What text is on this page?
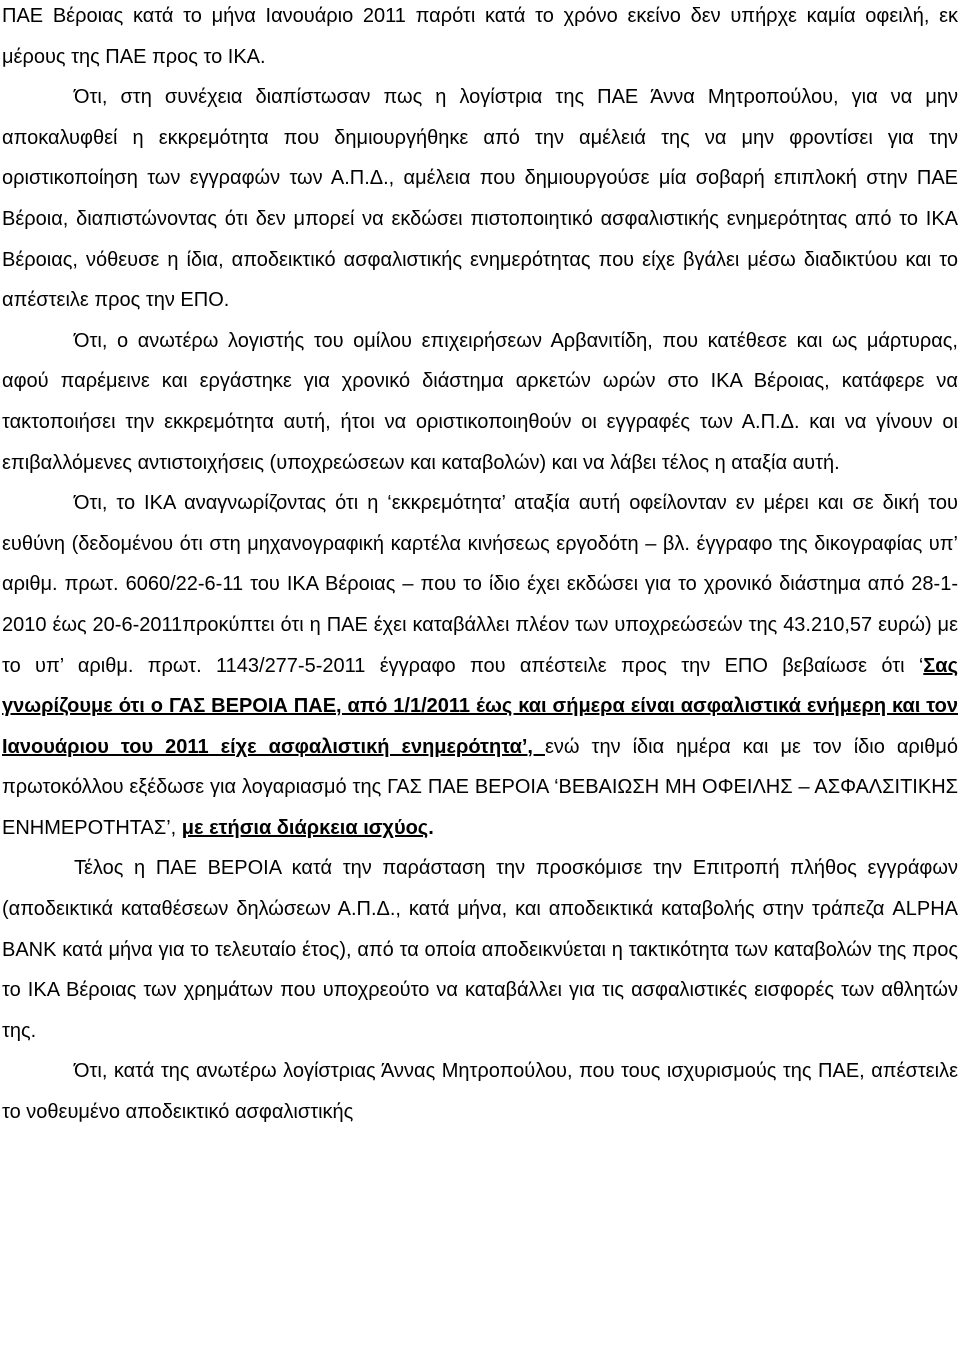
ΠΑΕ Βέροιας κατά το μήνα Ιανουάριο 2011 παρότι κατά το χρόνο εκείνο δεν υπήρχε καμία οφειλή, εκ μέρους της ΠΑΕ προς το ΙΚΑ.

Ότι, στη συνέχεια διαπίστωσαν πως η λογίστρια της ΠΑΕ Άννα Μητροπούλου, για να μην αποκαλυφθεί η εκκρεμότητα που δημιουργήθηκε από την αμέλειά της να μην φροντίσει για την οριστικοποίηση των εγγραφών των Α.Π.Δ., αμέλεια που δημιουργούσε μία σοβαρή επιπλοκή στην ΠΑΕ Βέροια, διαπιστώνοντας ότι δεν μπορεί να εκδώσει πιστοποιητικό ασφαλιστικής ενημερότητας από το ΙΚΑ Βέροιας, νόθευσε η ίδια, αποδεικτικό ασφαλιστικής ενημερότητας που είχε βγάλει μέσω διαδικτύου και το απέστειλε προς την ΕΠΟ.

Ότι, ο ανωτέρω λογιστής του ομίλου επιχειρήσεων Αρβανιτίδη, που κατέθεσε και ως μάρτυρας, αφού παρέμεινε και εργάστηκε για χρονικό διάστημα αρκετών ωρών στο ΙΚΑ Βέροιας, κατάφερε να τακτοποιήσει την εκκρεμότητα αυτή, ήτοι να οριστικοποιηθούν οι εγγραφές των Α.Π.Δ. και να γίνουν οι επιβαλλόμενες αντιστοιχήσεις (υποχρεώσεων και καταβολών) και να λάβει τέλος η αταξία αυτή.

Ότι, το ΙΚΑ αναγνωρίζοντας ότι η ‘εκκρεμότητα’ αταξία αυτή οφείλονταν εν μέρει και σε δική του ευθύνη (δεδομένου ότι στη μηχανογραφική καρτέλα κινήσεως εργοδότη – βλ. έγγραφο της δικογραφίας υπ’ αριθμ. πρωτ. 6060/22-6-11 του ΙΚΑ Βέροιας – που το ίδιο έχει εκδώσει για το χρονικό διάστημα από 28-1-2010 έως 20-6-2011προκύπτει ότι η ΠΑΕ έχει καταβάλλει πλέον των υποχρεώσεών της 43.210,57 ευρώ) με το υπ’ αριθμ. πρωτ. 1143/277-5-2011 έγγραφο που απέστειλε προς την ΕΠΟ βεβαίωσε ότι ‘Σας γνωρίζουμε ότι ο ΓΑΣ ΒΕΡΟΙΑ ΠΑΕ, από 1/1/2011 έως και σήμερα είναι ασφαλιστικά ενήμερη και τον Ιανουάριου του 2011 είχε ασφαλιστική ενημερότητα’, ενώ την ίδια ημέρα και με τον ίδιο αριθμό πρωτοκόλλου εξέδωσε για λογαριασμό της ΓΑΣ ΠΑΕ ΒΕΡΟΙΑ ‘ΒΕΒΑΙΩΣΗ ΜΗ ΟΦΕΙΛΗΣ – ΑΣΦΑΛΣΙΤΙΚΗΣ ΕΝΗΜΕΡΟΤΗΤΑΣ’, με ετήσια διάρκεια ισχύος.

Τέλος η ΠΑΕ ΒΕΡΟΙΑ κατά την παράσταση την προσκόμισε την Επιτροπή πλήθος εγγράφων (αποδεικτικά καταθέσεων δηλώσεων Α.Π.Δ., κατά μήνα, και αποδεικτικά καταβολής στην τράπεζα ALPHA BANK κατά μήνα για το τελευταίο έτος), από τα οποία αποδεικνύεται η τακτικότητα των καταβολών της προς το ΙΚΑ Βέροιας των χρημάτων που υποχρεούτο να καταβάλλει για τις ασφαλιστικές εισφορές των αθλητών της.

Ότι, κατά της ανωτέρω λογίστριας Άννας Μητροπούλου, που τους ισχυρισμούς της ΠΑΕ, απέστειλε το νοθευμένο αποδεικτικό ασφαλιστικής
